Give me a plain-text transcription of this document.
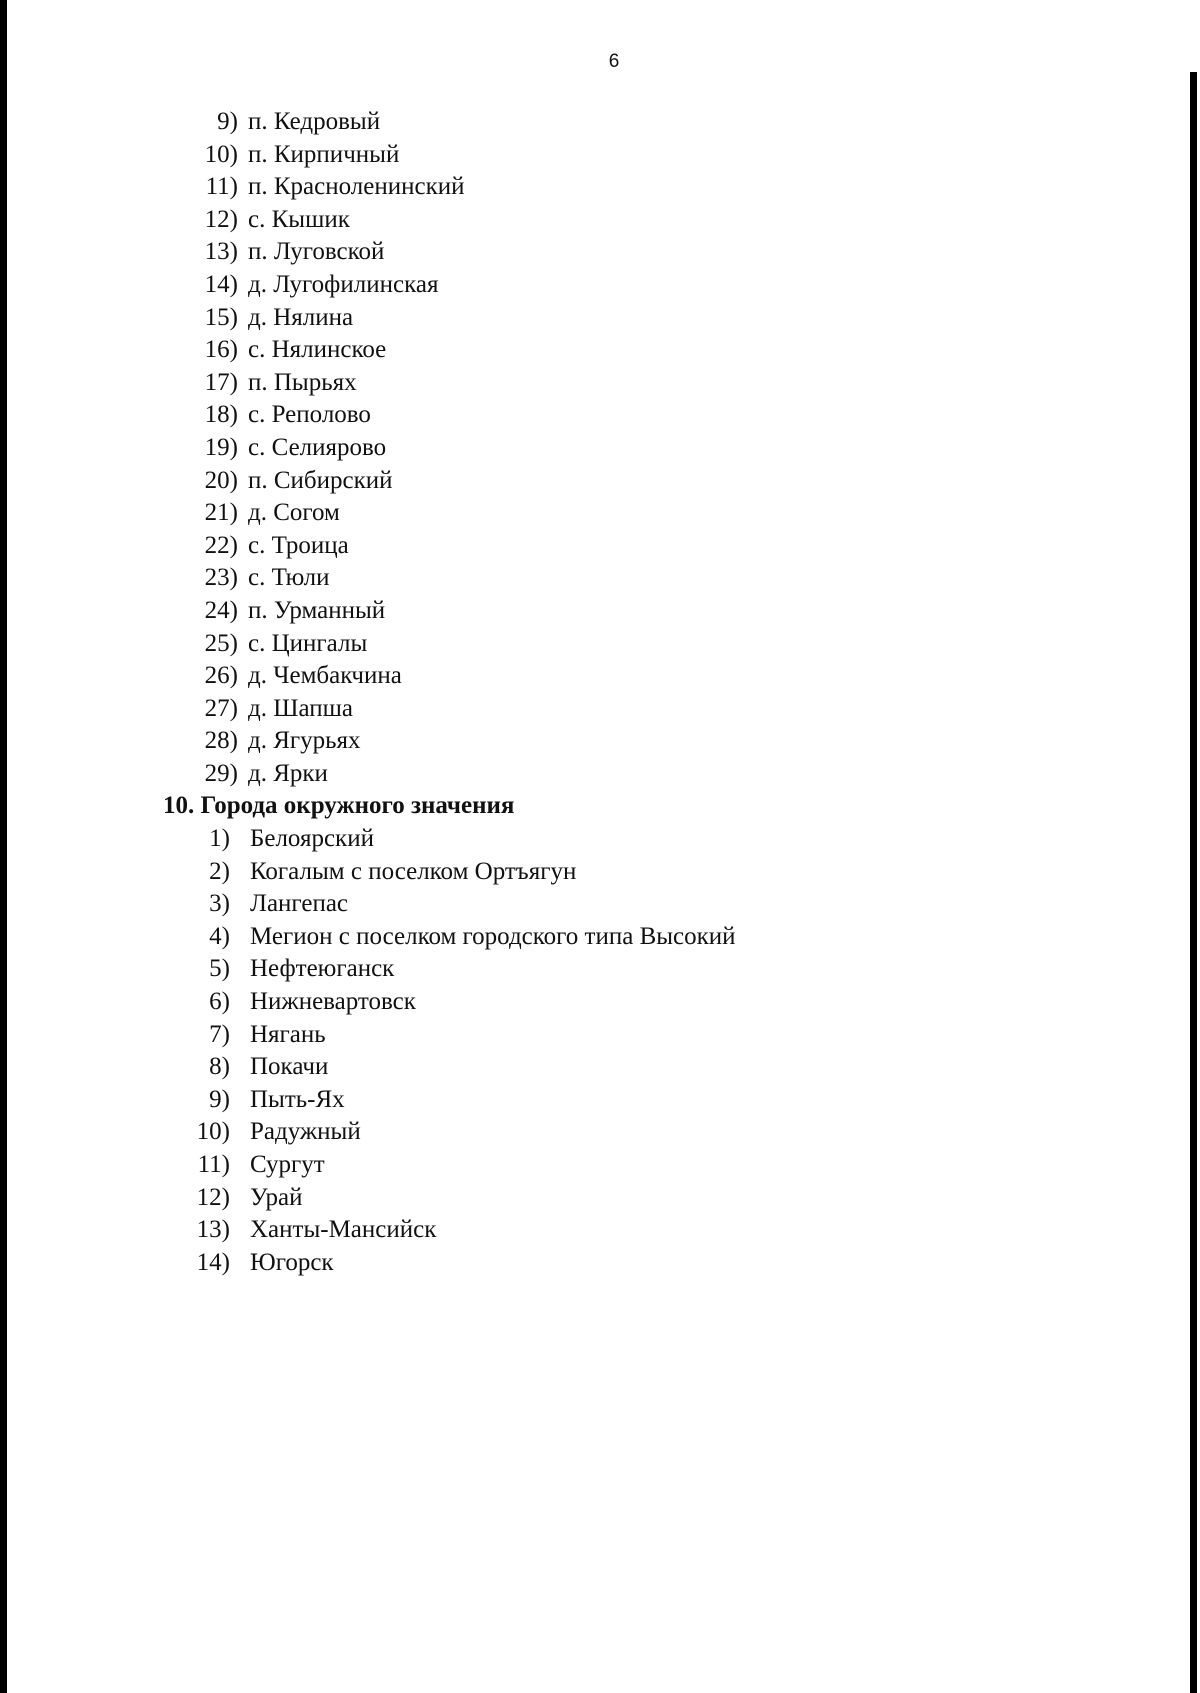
6
9) п. Кедровый
10) п. Кирпичный
11) п. Красноленинский
12) с. Кышик
13) п. Луговской
14) д. Лугофилинская
15) д. Нялина
16) с. Нялинское
17) п. Пырьях
18) с. Реполово
19) с. Селиярово
20) п. Сибирский
21) д. Согом
22) с. Троица
23) с. Тюли
24) п. Урманный
25) с. Цингалы
26) д. Чембакчина
27) д. Шапша
28) д. Ягурьях
29) д. Ярки
10. Города окружного значения
1) Белоярский
2) Когалым с поселком Ортъягун
3) Лангепас
4) Мегион с поселком городского типа Высокий
5) Нефтеюганск
6) Нижневартовск
7) Нягань
8) Покачи
9) Пыть-Ях
10) Радужный
11) Сургут
12) Урай
13) Ханты-Мансийск
14) Югорск
